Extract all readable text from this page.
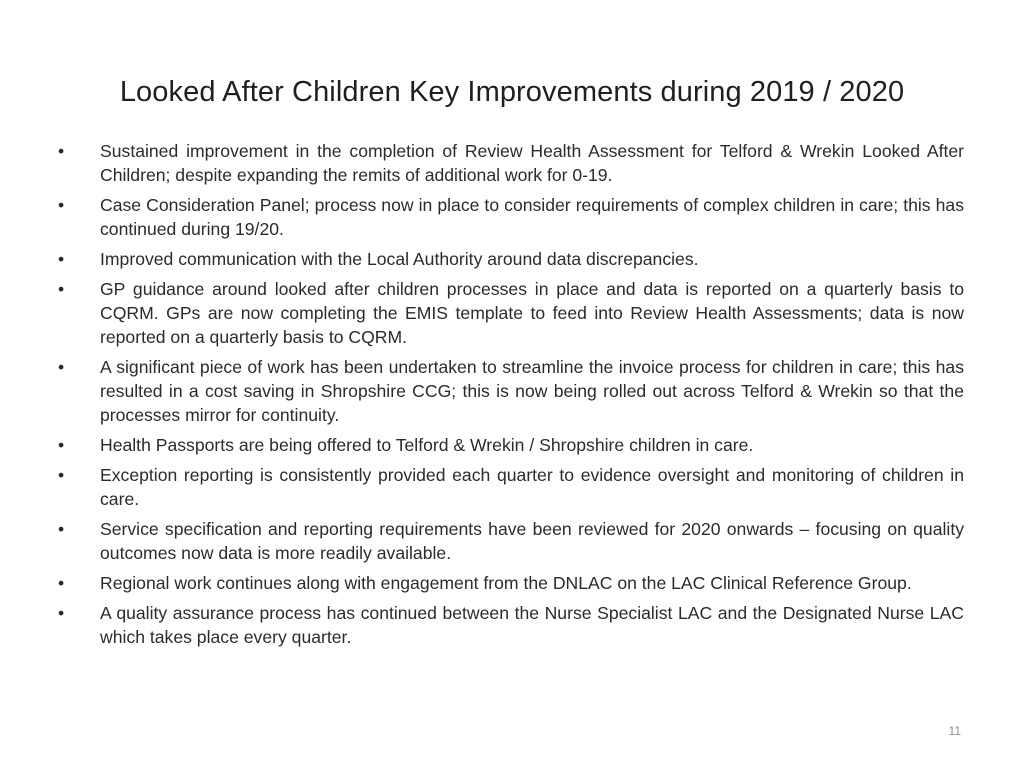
Looked After Children Key Improvements during 2019 / 2020
•	Sustained improvement in the completion of Review Health Assessment for Telford & Wrekin Looked After Children; despite expanding the remits of additional work for 0-19.
•	Case Consideration Panel; process now in place to consider requirements of complex children in care; this has continued during 19/20.
•	Improved communication with the Local Authority around data discrepancies.
•	GP guidance around looked after children processes in place and data is reported on a quarterly basis to CQRM. GPs are now completing the EMIS template to feed into Review Health Assessments; data is now reported on a quarterly basis to CQRM.
•	A significant piece of work has been undertaken to streamline the invoice process for children in care; this has resulted in a cost saving in Shropshire CCG; this is now being rolled out across Telford & Wrekin so that the processes mirror for continuity.
•	Health Passports are being offered to Telford & Wrekin / Shropshire children in care.
•	Exception reporting is consistently provided each quarter to evidence oversight and monitoring of children in care.
•	Service specification and reporting requirements have been reviewed for 2020 onwards – focusing on quality outcomes now data is more readily available.
•	Regional work continues along with engagement from the DNLAC on the LAC Clinical Reference Group.
•	A quality assurance process has continued between the Nurse Specialist LAC and the Designated Nurse LAC which takes place every quarter.
11
